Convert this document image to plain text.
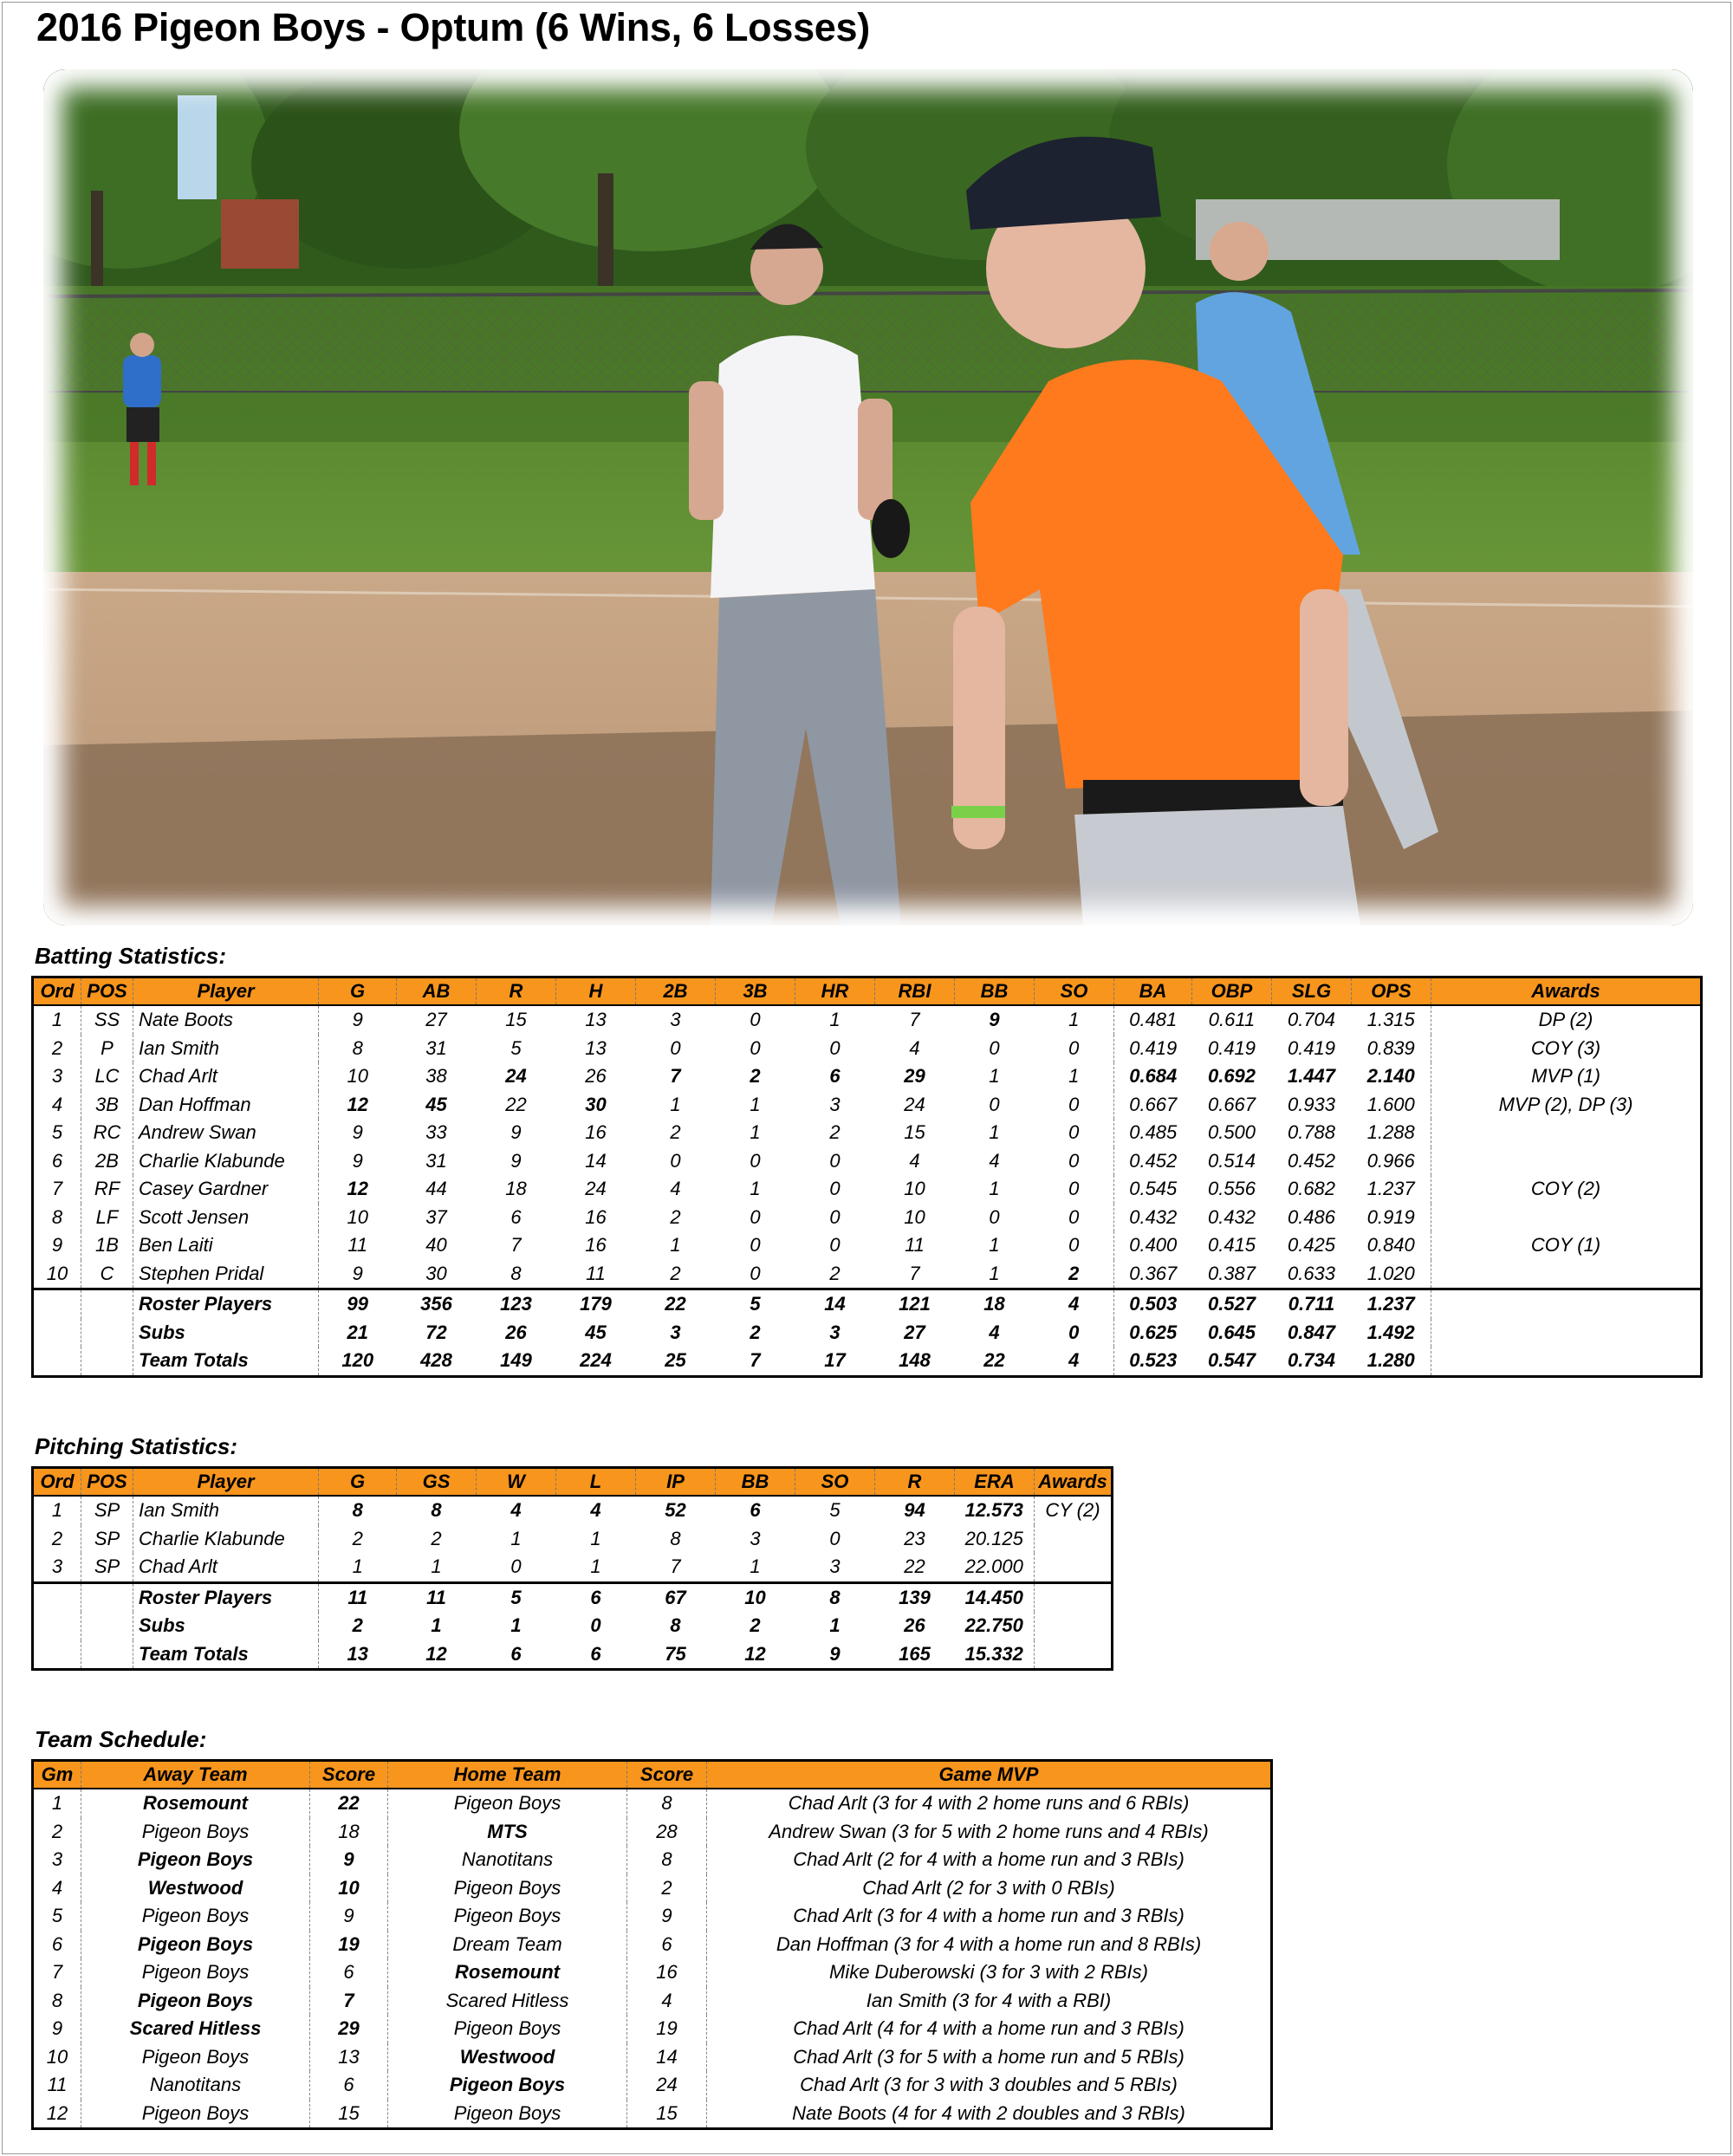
2016 Pigeon Boys - Optum (6 Wins, 6 Losses)
Batting Statistics:
Ord	POS	Player	G	AB	R	H	2B	3B	HR	RBI	BB	SO	BA	OBP	SLG	OPS	Awards
1	SS	Nate Boots	9	27	15	13	3	0	1	7	9	1	0.481	0.611	0.704	1.315	DP (2)
2	P	Ian Smith	8	31	5	13	0	0	0	4	0	0	0.419	0.419	0.419	0.839	COY (3)
3	LC	Chad Arlt	10	38	24	26	7	2	6	29	1	1	0.684	0.692	1.447	2.140	MVP (1)
4	3B	Dan Hoffman	12	45	22	30	1	1	3	24	0	0	0.667	0.667	0.933	1.600	MVP (2), DP (3)
5	RC	Andrew Swan	9	33	9	16	2	1	2	15	1	0	0.485	0.500	0.788	1.288	
6	2B	Charlie Klabunde	9	31	9	14	0	0	0	4	4	0	0.452	0.514	0.452	0.966	
7	RF	Casey Gardner	12	44	18	24	4	1	0	10	1	0	0.545	0.556	0.682	1.237	COY (2)
8	LF	Scott Jensen	10	37	6	16	2	0	0	10	0	0	0.432	0.432	0.486	0.919	
9	1B	Ben Laiti	11	40	7	16	1	0	0	11	1	0	0.400	0.415	0.425	0.840	COY (1)
10	C	Stephen Pridal	9	30	8	11	2	0	2	7	1	2	0.367	0.387	0.633	1.020	
		Roster Players	99	356	123	179	22	5	14	121	18	4	0.503	0.527	0.711	1.237	
		Subs	21	72	26	45	3	2	3	27	4	0	0.625	0.645	0.847	1.492	
		Team Totals	120	428	149	224	25	7	17	148	22	4	0.523	0.547	0.734	1.280	
Pitching Statistics:
Ord	POS	Player	G	GS	W	L	IP	BB	SO	R	ERA	Awards
1	SP	Ian Smith	8	8	4	4	52	6	5	94	12.573	CY (2)
2	SP	Charlie Klabunde	2	2	1	1	8	3	0	23	20.125	
3	SP	Chad Arlt	1	1	0	1	7	1	3	22	22.000	
		Roster Players	11	11	5	6	67	10	8	139	14.450	
		Subs	2	1	1	0	8	2	1	26	22.750	
		Team Totals	13	12	6	6	75	12	9	165	15.332	
Team Schedule:
Gm	Away Team	Score	Home Team	Score	Game MVP
1	Rosemount	22	Pigeon Boys	8	Chad Arlt (3 for 4 with 2 home runs and 6 RBIs)
2	Pigeon Boys	18	MTS	28	Andrew Swan (3 for 5 with 2 home runs and 4 RBIs)
3	Pigeon Boys	9	Nanotitans	8	Chad Arlt (2 for 4 with a home run and 3 RBIs)
4	Westwood	10	Pigeon Boys	2	Chad Arlt (2 for 3 with 0 RBIs)
5	Pigeon Boys	9	Pigeon Boys	9	Chad Arlt (3 for 4 with a home run and 3 RBIs)
6	Pigeon Boys	19	Dream Team	6	Dan Hoffman (3 for 4 with a home run and 8 RBIs)
7	Pigeon Boys	6	Rosemount	16	Mike Duberowski (3 for 3 with 2 RBIs)
8	Pigeon Boys	7	Scared Hitless	4	Ian Smith (3 for 4 with a RBI)
9	Scared Hitless	29	Pigeon Boys	19	Chad Arlt (4 for 4 with a home run and 3 RBIs)
10	Pigeon Boys	13	Westwood	14	Chad Arlt (3 for 5 with a home run and 5 RBIs)
11	Nanotitans	6	Pigeon Boys	24	Chad Arlt (3 for 3 with 3 doubles and 5 RBIs)
12	Pigeon Boys	15	Pigeon Boys	15	Nate Boots (4 for 4 with 2 doubles and 3 RBIs)
